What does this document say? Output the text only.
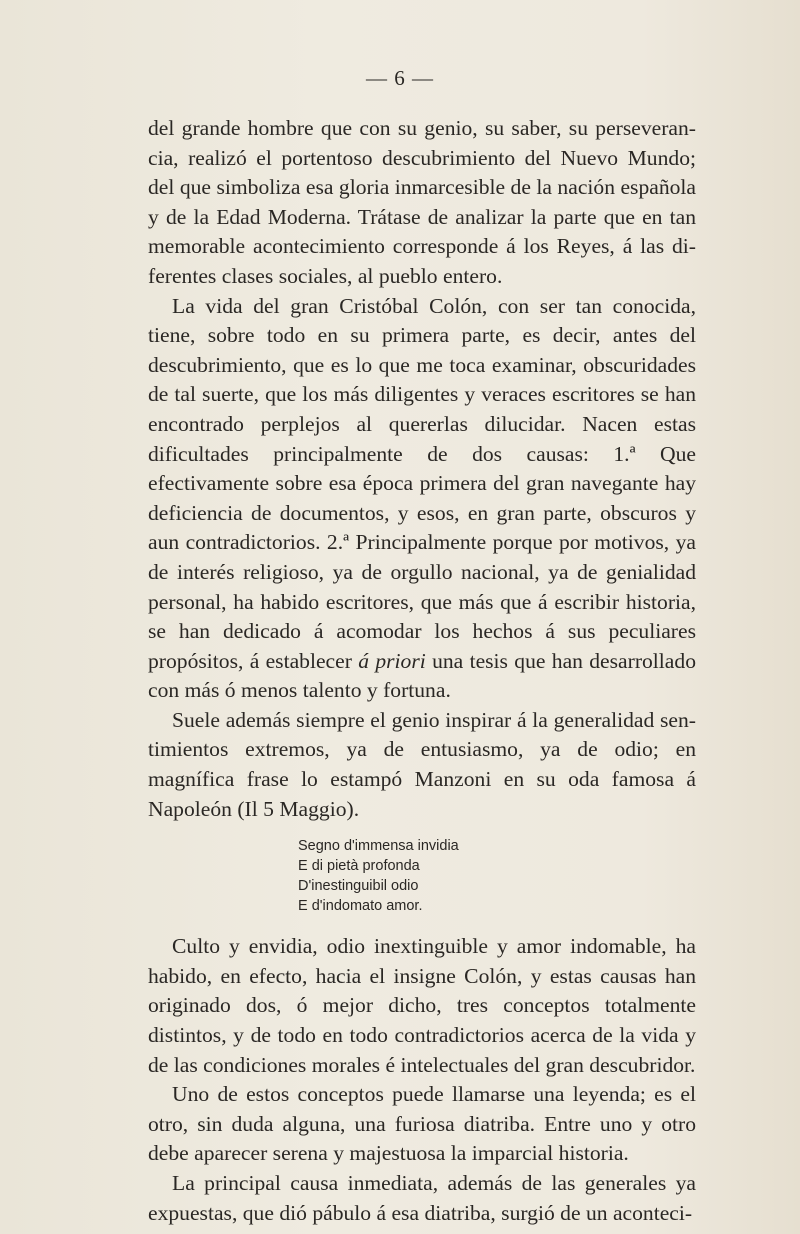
— 6 —

del grande hombre que con su genio, su saber, su perseverancia, realizó el portentoso descubrimiento del Nuevo Mundo; del que simboliza esa gloria inmarcesible de la nación española y de la Edad Moderna. Trátase de analizar la parte que en tan memorable acontecimiento corresponde á los Reyes, á las diferentes clases sociales, al pueblo entero.

La vida del gran Cristóbal Colón, con ser tan conocida, tiene, sobre todo en su primera parte, es decir, antes del descubrimiento, que es lo que me toca examinar, obscuridades de tal suerte, que los más diligentes y veraces escritores se han encontrado perplejos al quererlas dilucidar. Nacen estas dificultades principalmente de dos causas: 1.ª Que efectivamente sobre esa época primera del gran navegante hay deficiencia de documentos, y esos, en gran parte, obscuros y aun contradictorios. 2.ª Principalmente porque por motivos, ya de interés religioso, ya de orgullo nacional, ya de genialidad personal, ha habido escritores, que más que á escribir historia, se han dedicado á acomodar los hechos á sus peculiares propósitos, á establecer á priori una tesis que han desarrollado con más ó menos talento y fortuna.

Suele además siempre el genio inspirar á la generalidad sentimientos extremos, ya de entusiasmo, ya de odio; en magnífica frase lo estampó Manzoni en su oda famosa á Napoleón (Il 5 Maggio).

Segno d'immensa invidia
E di pietà profonda
D'inestinguibil odio
E d'indomato amor.

Culto y envidia, odio inextinguible y amor indomable, ha habido, en efecto, hacia el insigne Colón, y estas causas han originado dos, ó mejor dicho, tres conceptos totalmente distintos, y de todo en todo contradictorios acerca de la vida y de las condiciones morales é intelectuales del gran descubridor.

Uno de estos conceptos puede llamarse una leyenda; es el otro, sin duda alguna, una furiosa diatriba. Entre uno y otro debe aparecer serena y majestuosa la imparcial historia.

La principal causa inmediata, además de las generales ya expuestas, que dió pábulo á esa diatriba, surgió de un aconteci-
